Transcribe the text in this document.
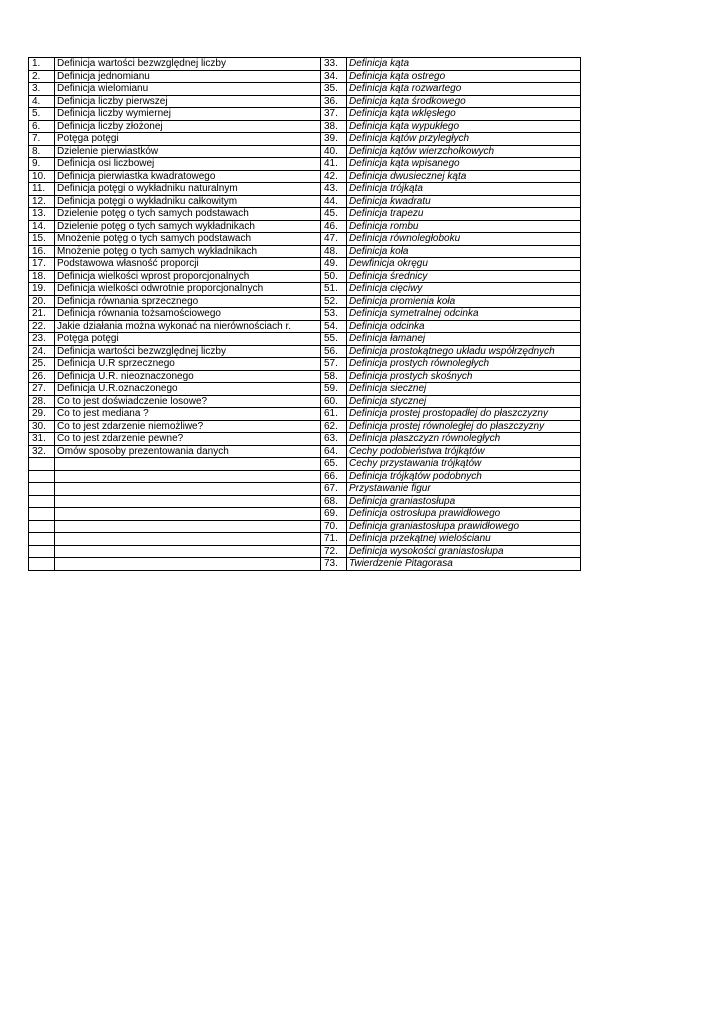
1.	Definicja wartości bezwzględnej liczby	33.	Definicja kąta
2.	Definicja jednomianu	34.	Definicja kąta ostrego
3.	Definicja wielomianu	35.	Definicja kąta rozwartego
4.	Definicja liczby pierwszej	36.	Definicja kąta środkowego
5.	Definicja liczby wymiernej	37.	Definicja kąta wklęsłego
6.	Definicja liczby złożonej	38.	Definicja kąta wypukłego
7.	Potęga potęgi	39.	Definicja kątów przyległych
8.	Dzielenie pierwiastków	40.	Definicja kątów wierzchołkowych
9.	Definicja osi liczbowej	41.	Definicja kąta wpisanego
10.	Definicja pierwiastka kwadratowego	42.	Definicja dwusiecznej kąta
11.	Definicja potęgi o wykładniku naturalnym	43.	Definicja trójkąta
12.	Definicja potęgi o wykładniku całkowitym	44.	Definicja kwadratu
13.	Dzielenie potęg o tych samych podstawach	45.	Definicja trapezu
14.	Dzielenie potęg o tych samych wykładnikach	46.	Definicja rombu
15.	Mnożenie potęg o tych samych podstawach	47.	Definicja równoległoboku
16.	Mnożenie potęg o tych samych wykładnikach	48.	Definicja koła
17.	Podstawowa własność proporcji	49.	Dewfinicja okręgu
18.	Definicja wielkości wprost proporcjonalnych	50.	Definicja średnicy
19.	Definicja wielkości odwrotnie proporcjonalnych	51.	Definicja cięciwy
20.	Definicja równania sprzecznego	52.	Definicja promienia koła
21.	Definicja równania tożsamościowego	53.	Definicja symetralnej odcinka
22.	Jakie działania można wykonać na nierównościach r.	54.	Definicja odcinka
23.	Potęga potęgi	55.	Definicja łamanej
24.	Definicja wartości bezwzględnej liczby	56.	Definicja prostokątnego układu współrzędnych
25.	Definicja U.R sprzecznego	57.	Definicja prostych równoległych
26.	Definicja U.R. nieoznaczonego	58.	Definicja prostych skośnych
27.	Definicja U.R.oznaczonego	59.	Definicja siecznej
28.	Co to jest doświadczenie losowe?	60.	Definicja stycznej
29.	Co to jest mediana ?	61.	Definicja prostej prostopadłej do płaszczyzny
30.	Co to jest zdarzenie niemożliwe?	62.	Definicja prostej równoległej do płaszczyzny
31.	Co to jest zdarzenie pewne?	63.	Definicja płaszczyzn równoległych
32.	Omów sposoby prezentowania danych	64.	Cechy podobieństwa trójkątów
		65.	Cechy przystawania trójkątów
		66.	Definicja trójkątów podobnych
		67.	Przystawanie figur
		68.	Definicja graniastosłupa
		69.	Definicja ostrosłupa prawidłowego
		70.	Definicja graniastosłupa prawidłowego
		71.	Definicja przekątnej wielościanu
		72.	Definicja wysokości graniastosłupa
		73.	Twierdzenie Pitagorasa
